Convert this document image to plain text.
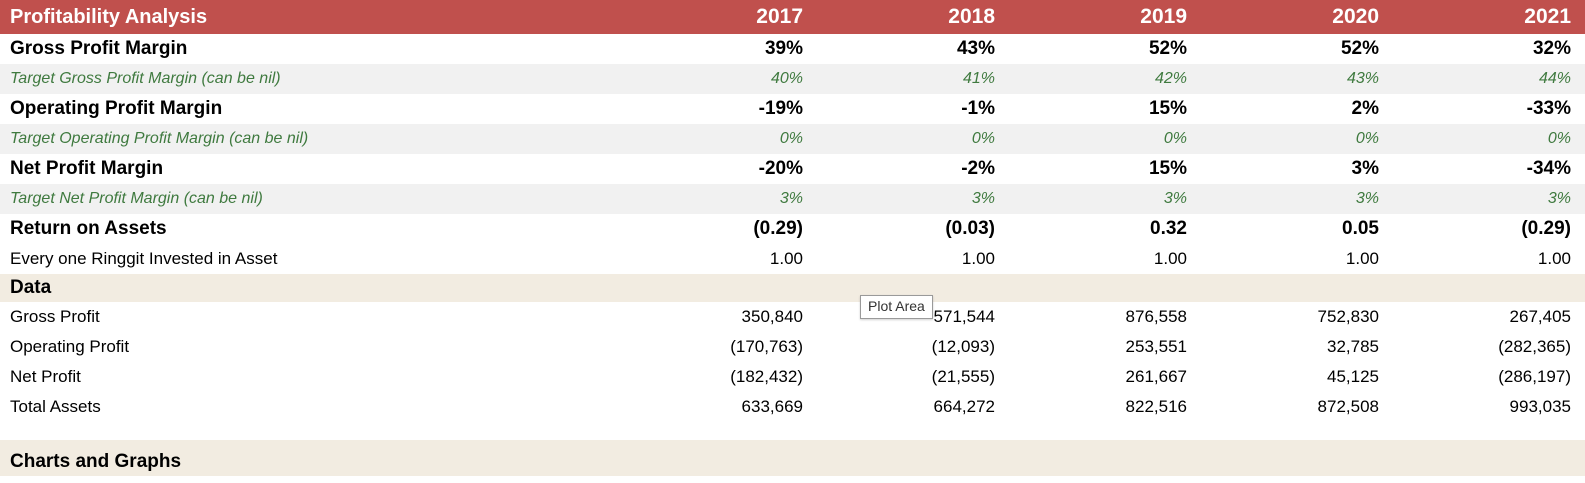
Profitability Analysis	2017	2018	2019	2020	2021
Gross Profit Margin	39%	43%	52%	52%	32%
Target Gross Profit Margin (can be nil)	40%	41%	42%	43%	44%
Operating Profit Margin	-19%	-1%	15%	2%	-33%
Target Operating Profit Margin (can be nil)	0%	0%	0%	0%	0%
Net Profit Margin	-20%	-2%	15%	3%	-34%
Target Net Profit Margin (can be nil)	3%	3%	3%	3%	3%
Return on Assets	(0.29)	(0.03)	0.32	0.05	(0.29)
Every one Ringgit Invested in Asset	1.00	1.00	1.00	1.00	1.00
Data					
Gross Profit	350,840	571,544	876,558	752,830	267,405
Operating Profit	(170,763)	(12,093)	253,551	32,785	(282,365)
Net Profit	(182,432)	(21,555)	261,667	45,125	(286,197)
Total Assets	633,669	664,272	822,516	872,508	993,035

Charts and Graphs					
Plot Area
